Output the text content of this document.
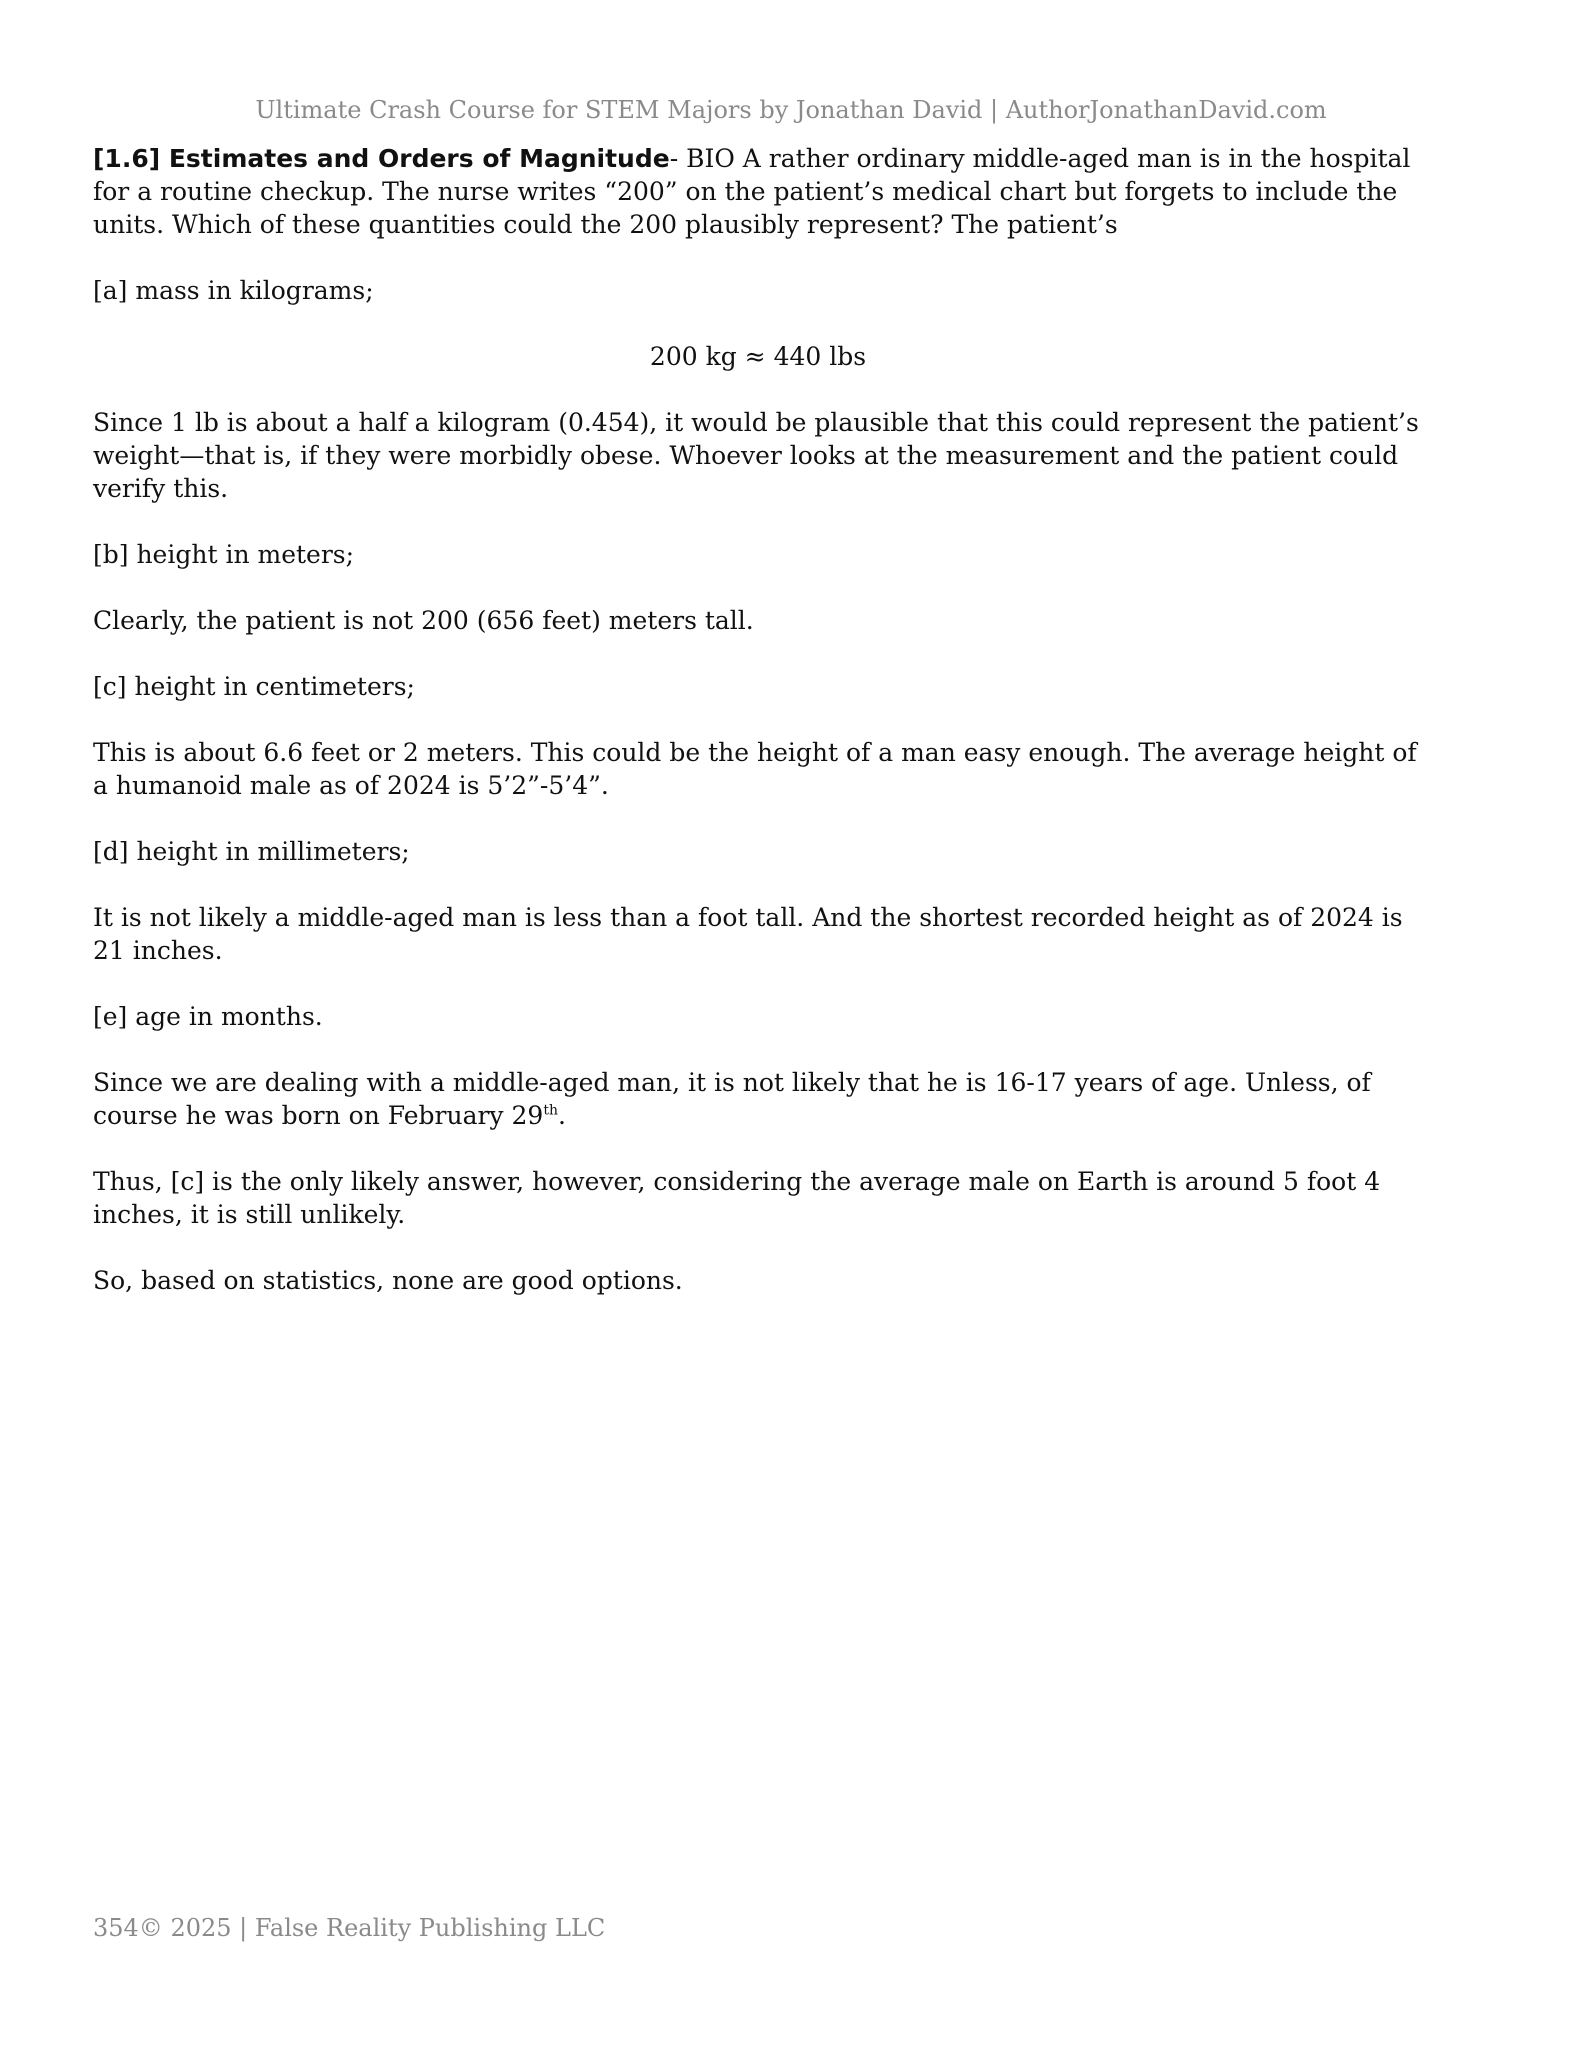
Ultimate Crash Course for STEM Majors by Jonathan David | AuthorJonathanDavid.com

[1.6] Estimates and Orders of Magnitude- BIO A rather ordinary middle-aged man is in the hospital for a routine checkup. The nurse writes “200” on the patient’s medical chart but forgets to include the units. Which of these quantities could the 200 plausibly represent? The patient’s

[a] mass in kilograms;

200 kg ≈ 440 lbs

Since 1 lb is about a half a kilogram (0.454), it would be plausible that this could represent the patient’s weight—that is, if they were morbidly obese. Whoever looks at the measurement and the patient could verify this.

[b] height in meters;

Clearly, the patient is not 200 (656 feet) meters tall.

[c] height in centimeters;

This is about 6.6 feet or 2 meters. This could be the height of a man easy enough. The average height of a humanoid male as of 2024 is 5’2”-5’4”.

[d] height in millimeters;

It is not likely a middle-aged man is less than a foot tall. And the shortest recorded height as of 2024 is 21 inches.

[e] age in months.

Since we are dealing with a middle-aged man, it is not likely that he is 16-17 years of age. Unless, of course he was born on February 29th.

Thus, [c] is the only likely answer, however, considering the average male on Earth is around 5 foot 4 inches, it is still unlikely.

So, based on statistics, none are good options.

354© 2025 | False Reality Publishing LLC
